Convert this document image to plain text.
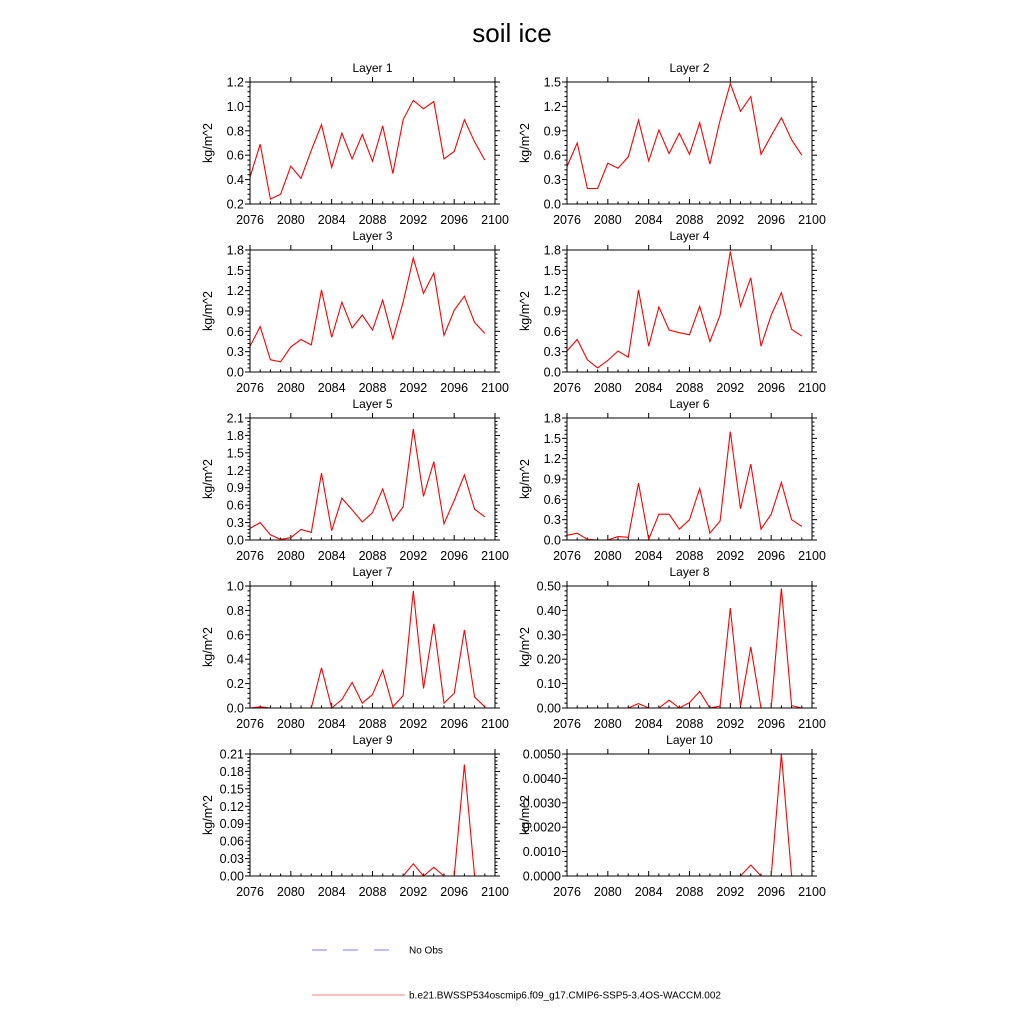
soil ice
Layer 1
2076 2080 2084 2088 2092 2096 2100
0.2
0.4
0.6
0.8
1.0
1.2
kg/m^2
Layer 2
2076 2080 2084 2088 2092 2096 2100
0.0
0.3
0.6
0.9
1.2
1.5
kg/m^2
Layer 3
2076 2080 2084 2088 2092 2096 2100
0.0
0.3
0.6
0.9
1.2
1.5
1.8
kg/m^2
Layer 4
2076 2080 2084 2088 2092 2096 2100
0.0
0.3
0.6
0.9
1.2
1.5
1.8
kg/m^2
Layer 5
2076 2080 2084 2088 2092 2096 2100
0.0
0.3
0.6
0.9
1.2
1.5
1.8
2.1
kg/m^2
Layer 6
2076 2080 2084 2088 2092 2096 2100
0.0
0.3
0.6
0.9
1.2
1.5
1.8
kg/m^2
Layer 7
2076 2080 2084 2088 2092 2096 2100
0.0
0.2
0.4
0.6
0.8
1.0
kg/m^2
Layer 8
2076 2080 2084 2088 2092 2096 2100
0.00
0.10
0.20
0.30
0.40
0.50
kg/m^2
Layer 9
2076 2080 2084 2088 2092 2096 2100
0.00
0.03
0.06
0.09
0.12
0.15
0.18
0.21
kg/m^2
Layer 10
2076 2080 2084 2088 2092 2096 2100
0.0000
0.0010
0.0020
0.0030
0.0040
0.0050
kg/m^2
No Obs
b.e21.BWSSP534oscmip6.f09_g17.CMIP6-SSP5-3.4OS-WACCM.002
